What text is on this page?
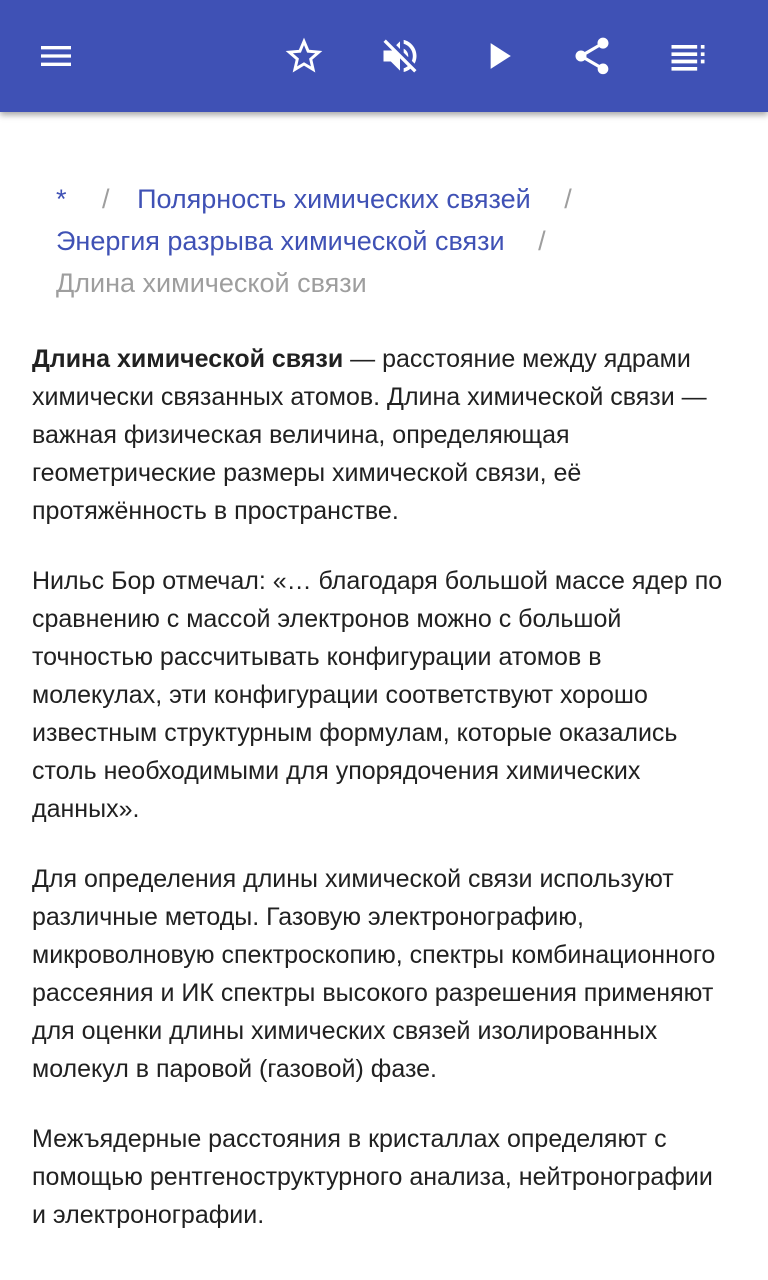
* / Полярность химических связей /
Энергия разрыва химической связи /
Длина химической связи

Длина химической связи — расстояние между ядрами химически связанных атомов. Длина химической связи — важная физическая величина, определяющая геометрические размеры химической связи, её протяжённость в пространстве.

Нильс Бор отмечал: «… благодаря большой массе ядер по сравнению с массой электронов можно с большой точностью рассчитывать конфигурации атомов в молекулах, эти конфигурации соответствуют хорошо известным структурным формулам, которые оказались столь необходимыми для упорядочения химических данных».

Для определения длины химической связи используют различные методы. Газовую электронографию, микроволновую спектроскопию, спектры комбинационного рассеяния и ИК спектры высокого разрешения применяют для оценки длины химических связей изолированных молекул в паровой (газовой) фазе.

Межъядерные расстояния в кристаллах определяют с помощью рентгеноструктурного анализа, нейтронографии и электронографии.
